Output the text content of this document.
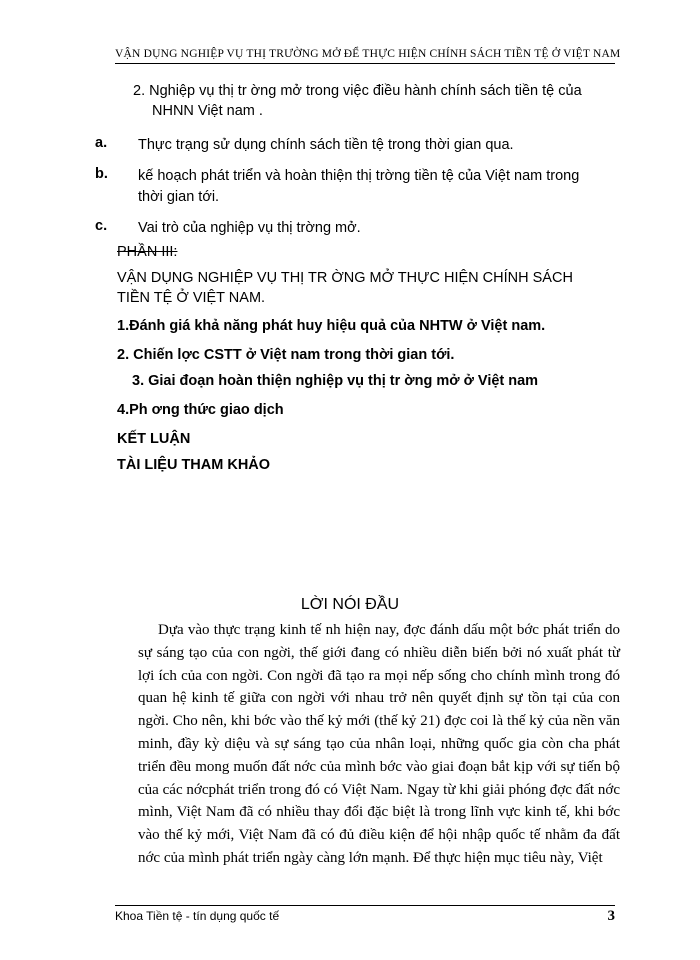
VẬN DỤNG NGHIỆP VỤ THỊ TRƯỜNG MỞ ĐỂ THỰC HIỆN CHÍNH SÁCH TIỀN TỆ Ở VIỆT NAM
2. Nghiệp vụ thị tr ờng mở trong việc điều hành chính sách tiền tệ của
NHNN Việt nam .
a. Thực trạng sử dụng chính sách tiền tệ trong thời gian qua.
b. kế hoạch phát triển và hoàn thiện thị trờng tiền tệ của Việt nam trong
thời gian tới.
c. Vai trò của nghiệp vụ thị trờng mở.
PHẦN III:
VẬN DỤNG NGHIỆP VỤ THỊ TR ỜNG MỞ THỰC HIỆN CHÍNH SÁCH
TIỀN TỆ Ở VIỆT NAM.
1.Đánh giá khả năng phát huy hiệu quả của NHTW ở Việt nam.
2. Chiến lợc CSTT ở Việt nam trong thời gian tới.
3. Giai đoạn hoàn thiện nghiệp vụ thị tr ờng mở ở Việt nam
4.Ph ơng thức giao dịch
KẾT LUẬN
TÀI LIỆU THAM KHẢO
LỜI NÓI ĐẦU
Dựa vào thực trạng kinh tế nh hiện nay, đợc đánh dấu một bớc phát triển do sự sáng tạo của con ngời, thế giới đang có nhiều diễn biến bởi nó xuất phát từ lợi ích của con ngời. Con ngời đã tạo ra mọi nếp sống cho chính mình trong đó quan hệ kinh tế giữa con ngời với nhau trở nên quyết định sự tồn tại của con ngời. Cho nên, khi bớc vào thế kỷ mới (thế kỷ 21) đợc coi là thế kỷ của nền văn minh, đầy kỳ diệu và sự sáng tạo của nhân loại, những quốc gia còn cha phát triển đều mong muốn đất nớc của mình bớc vào giai đoạn bắt kịp với sự tiến bộ của các nớcphát triển trong đó có Việt Nam. Ngay từ khi giải phóng đợc đất nớc mình, Việt Nam đã có nhiều thay đổi đặc biệt là trong lĩnh vực kinh tế, khi bớc vào thế kỷ mới, Việt Nam đã có đủ điều kiện để hội nhập quốc tế nhằm đa đất nớc của mình phát triển ngày càng lớn mạnh. Để thực hiện mục tiêu này, Việt
Khoa Tiền tệ - tín dụng quốc tế	3
